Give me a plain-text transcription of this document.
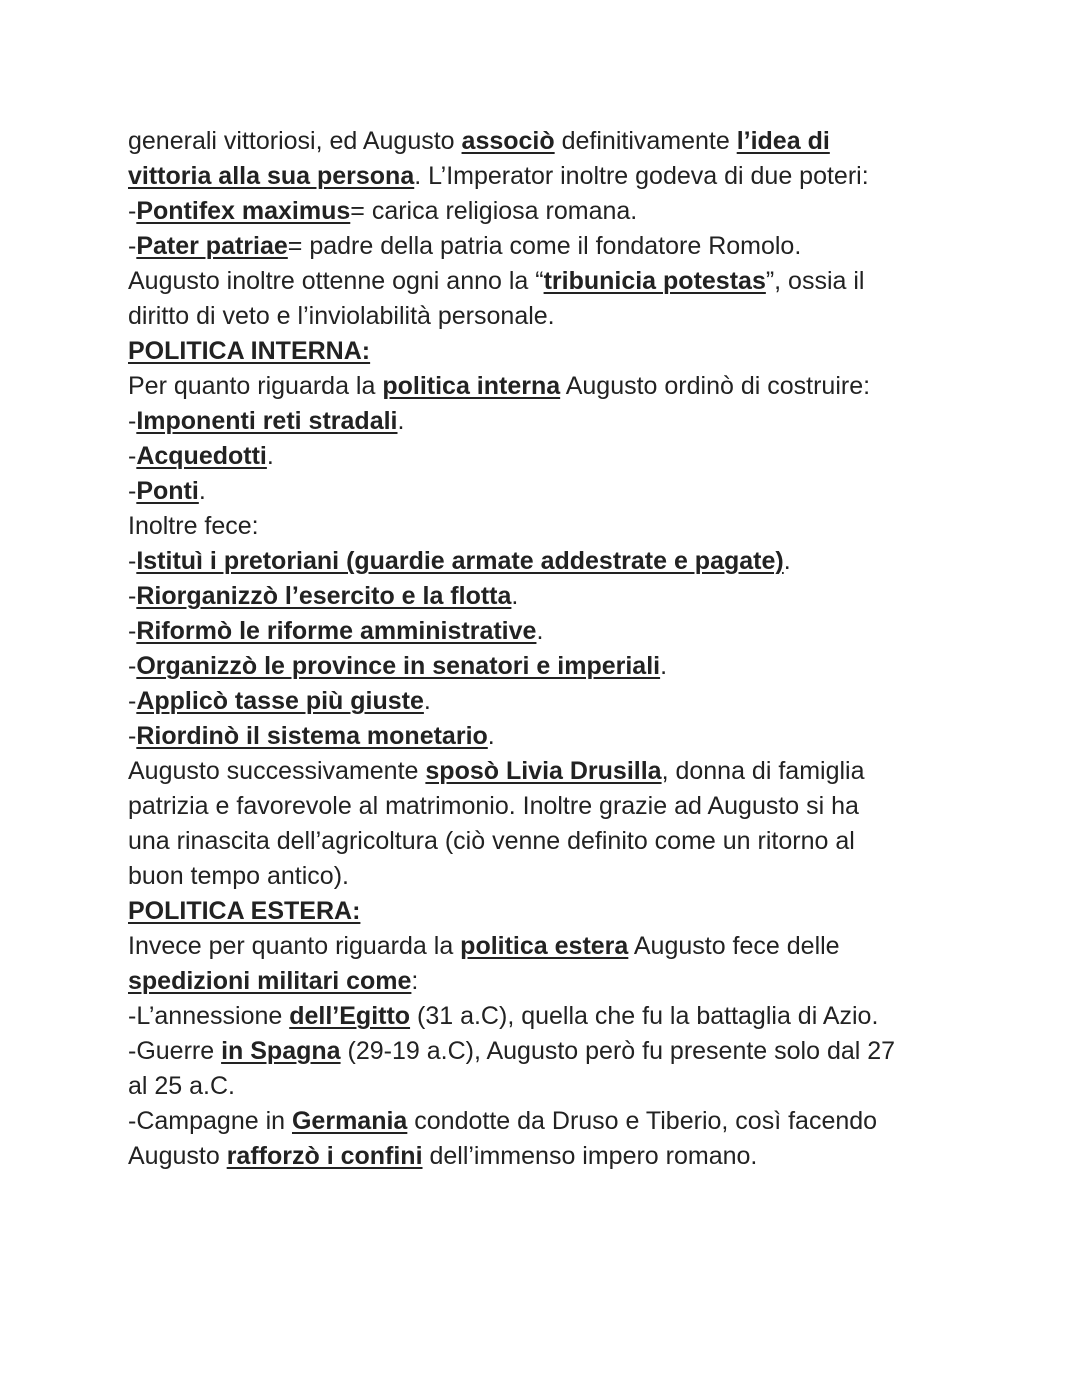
generali vittoriosi, ed Augusto associò definitivamente l’idea di
vittoria alla sua persona. L’Imperator inoltre godeva di due poteri:
-Pontifex maximus= carica religiosa romana.
-Pater patriae= padre della patria come il fondatore Romolo.
Augusto inoltre ottenne ogni anno la “tribunicia potestas”, ossia il
diritto di veto e l’inviolabilità personale.
POLITICA INTERNA:
Per quanto riguarda la politica interna Augusto ordinò di costruire:
-Imponenti reti stradali.
-Acquedotti.
-Ponti.
Inoltre fece:
-Istituì i pretoriani (guardie armate addestrate e pagate).
-Riorganizzò l’esercito e la flotta.
-Riformò le riforme amministrative.
-Organizzò le province in senatori e imperiali.
-Applicò tasse più giuste.
-Riordinò il sistema monetario.
Augusto successivamente sposò Livia Drusilla, donna di famiglia
patrizia e favorevole al matrimonio. Inoltre grazie ad Augusto si ha
una rinascita dell’agricoltura (ciò venne definito come un ritorno al
buon tempo antico).
POLITICA ESTERA:
Invece per quanto riguarda la politica estera Augusto fece delle
spedizioni militari come:
-L’annessione dell’Egitto (31 a.C), quella che fu la battaglia di Azio.
-Guerre in Spagna (29-19 a.C), Augusto però fu presente solo dal 27
al 25 a.C.
-Campagne in Germania condotte da Druso e Tiberio, così facendo
Augusto rafforzò i confini dell’immenso impero romano.
